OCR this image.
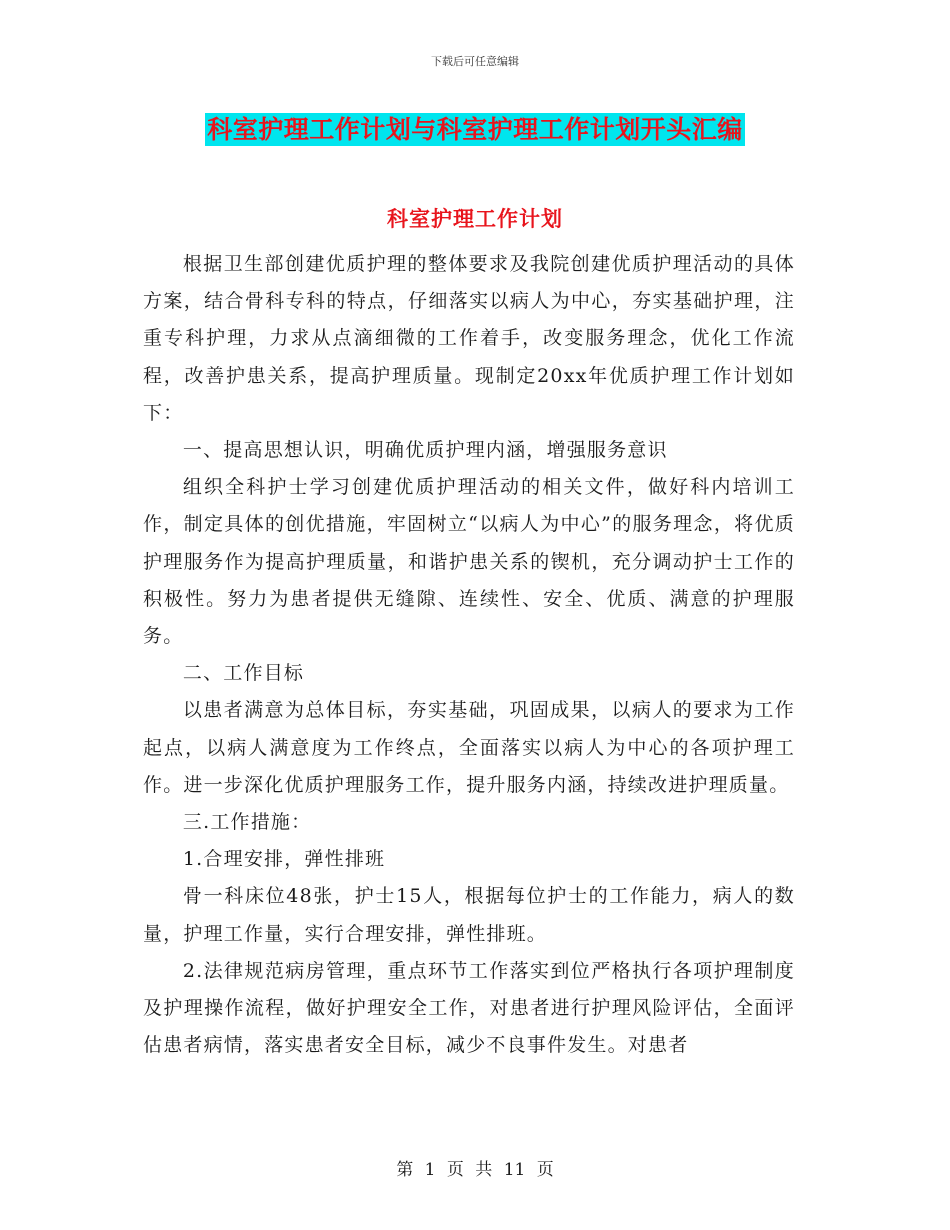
下载后可任意编辑
科室护理工作计划与科室护理工作计划开头汇编
科室护理工作计划

根据卫生部创建优质护理的整体要求及我院创建优质护理活动的具体方案，结合骨科专科的特点，仔细落实以病人为中心，夯实基础护理，注重专科护理，力求从点滴细微的工作着手，改变服务理念，优化工作流程，改善护患关系，提高护理质量。现制定20xx年优质护理工作计划如下：

一、提高思想认识，明确优质护理内涵，增强服务意识

组织全科护士学习创建优质护理活动的相关文件，做好科内培训工作，制定具体的创优措施，牢固树立“以病人为中心”的服务理念，将优质护理服务作为提高护理质量，和谐护患关系的锲机，充分调动护士工作的积极性。努力为患者提供无缝隙、连续性、安全、优质、满意的护理服务。

二、工作目标

以患者满意为总体目标，夯实基础，巩固成果，以病人的要求为工作起点，以病人满意度为工作终点，全面落实以病人为中心的各项护理工作。进一步深化优质护理服务工作，提升服务内涵，持续改进护理质量。

三.工作措施：

1.合理安排，弹性排班

骨一科床位48张，护士15人，根据每位护士的工作能力，病人的数量，护理工作量，实行合理安排，弹性排班。

2.法律规范病房管理，重点环节工作落实到位严格执行各项护理制度及护理操作流程，做好护理安全工作，对患者进行护理风险评估，全面评估患者病情，落实患者安全目标，减少不良事件发生。对患者

第 1 页 共 11 页
